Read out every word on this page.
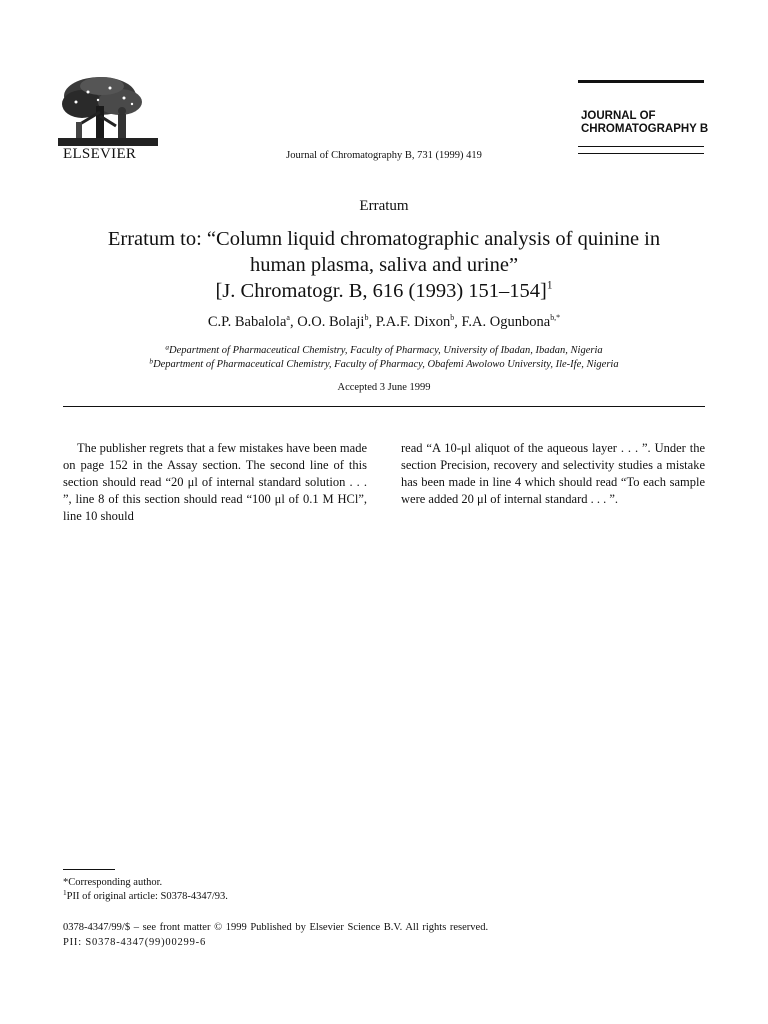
ELSEVIER	Journal of Chromatography B, 731 (1999) 419
JOURNAL OF
CHROMATOGRAPHY B
Erratum
Erratum to: “Column liquid chromatographic analysis of quinine in
human plasma, saliva and urine”
[J. Chromatogr. B, 616 (1993) 151–154]$^1$
C.P. Babalola$^a$, O.O. Bolaji$^b$, P.A.F. Dixon$^b$, F.A. Ogunbona$^{b,*}$
$^a$Department of Pharmaceutical Chemistry, Faculty of Pharmacy, University of Ibadan, Ibadan, Nigeria
$^b$Department of Pharmaceutical Chemistry, Faculty of Pharmacy, Obafemi Awolowo University, Ile-Ife, Nigeria
Accepted 3 June 1999
The publisher regrets that a few mistakes have been made on page 152 in the Assay section. The second line of this section should read “20 μl of internal standard solution . . . ”, line 8 of this section should read “100 μl of 0.1 M HCl”, line 10 should
read “A 10-μl aliquot of the aqueous layer . . . ”. Under the section Precision, recovery and selectivity studies a mistake has been made in line 4 which should read “To each sample were added 20 μl of internal standard . . . ”.
*Corresponding author.
$^1$PII of original article: S0378-4347/93.
0378-4347/99/$ – see front matter © 1999 Published by Elsevier Science B.V. All rights reserved.
PII: S0378-4347(99)00299-6
